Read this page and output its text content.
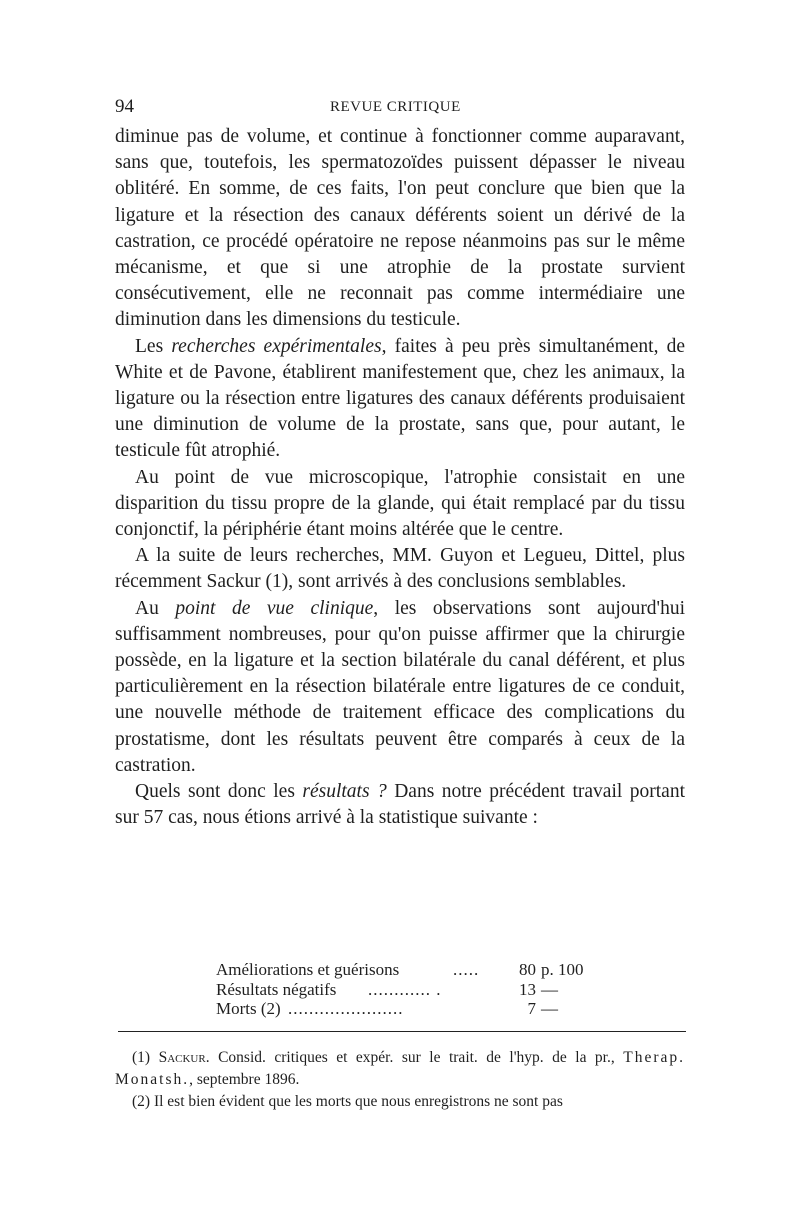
94	REVUE CRITIQUE

diminue pas de volume, et continue à fonctionner comme auparavant, sans que, toutefois, les spermatozoïdes puissent dépasser le niveau oblitéré. En somme, de ces faits, l'on peut conclure que bien que la ligature et la résection des canaux déférents soient un dérivé de la castration, ce procédé opératoire ne repose néanmoins pas sur le même mécanisme, et que si une atrophie de la prostate survient consécutivement, elle ne reconnait pas comme intermédiaire une diminution dans les dimensions du testicule.

Les recherches expérimentales, faites à peu près simultanément, de White et de Pavone, établirent manifestement que, chez les animaux, la ligature ou la résection entre ligatures des canaux déférents produisaient une diminution de volume de la prostate, sans que, pour autant, le testicule fût atrophié.

Au point de vue microscopique, l'atrophie consistait en une disparition du tissu propre de la glande, qui était remplacé par du tissu conjonctif, la périphérie étant moins altérée que le centre.

A la suite de leurs recherches, MM. Guyon et Legueu, Dittel, plus récemment Sackur (1), sont arrivés à des conclusions semblables.

Au point de vue clinique, les observations sont aujourd'hui suffisamment nombreuses, pour qu'on puisse affirmer que la chirurgie possède, en la ligature et la section bilatérale du canal déférent, et plus particulièrement en la résection bilatérale entre ligatures de ce conduit, une nouvelle méthode de traitement efficace des complications du prostatisme, dont les résultats peuvent être comparés à ceux de la castration.

Quels sont donc les résultats ? Dans notre précédent travail portant sur 57 cas, nous étions arrivé à la statistique suivante :

Améliorations et guérisons	.....	80 p. 100
Résultats négatifs ............ .	13 —
Morts (2) ......................	7 —

(1) Sackur. Consid. critiques et expér. sur le trait. de l'hyp. de la pr., Therap. Monatsh., septembre 1896.

(2) Il est bien évident que les morts que nous enregistrons ne sont pas
